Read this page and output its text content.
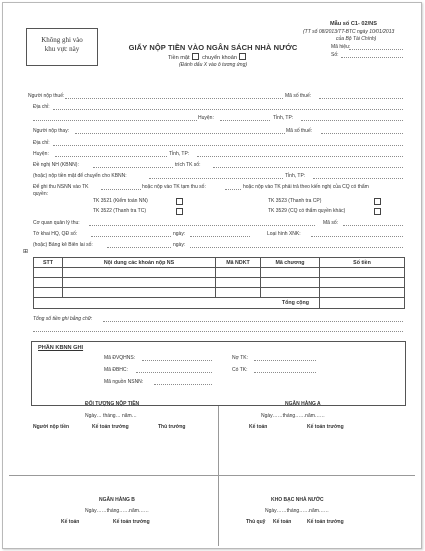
Không ghi vào
khu vực này
Mẫu số C1- 02/NS
(TT số 08/2013/TT-BTC ngày 10/01/2013
của Bộ Tài Chính)
Mã hiệu:
Số:
GIẤY NỘP TIỀN VÀO NGÂN SÁCH NHÀ NƯỚC
Tiền mặt chuyển khoản
(Đánh dấu X vào ô tương ứng)
Người nộp thuế:	Mã số thuế:
Địa chỉ:
Huyện:	Tỉnh, TP:
Người nộp thay:	Mã số thuế:
Địa chỉ:
Huyện:	Tỉnh, TP:
Đề nghị NH (KBNN):	trích TK số:
(hoặc) nộp tiền mặt để chuyển cho KBNN:	Tỉnh, TP:
Để ghi thu NSNN vào TK	hoặc nộp vào TK tạm thu số:	hoặc nộp vào TK phải trả theo kiến nghị của CQ có thẩm
quyền:
TK 3521 (Kiểm toán NN)	TK 3523 (Thanh tra CP)
TK 3522 (Thanh tra TC)	TK 3529 (CQ có thẩm quyền khác)
Cơ quan quản lý thu:	Mã số:
Tờ khai HQ, QĐ số:	ngày:	Loại hình XNK:
(hoặc) Bảng kê Biên lai số:	ngày:
⊞
STT	Nội dung các khoản nộp NS	Mã NDKT	Mã chương	Số tiền

Tổng cộng				
Tổng số tiền ghi bằng chữ:
PHẦN KBNN GHI
Mã ĐVQHNS:	Nợ TK:
Mã ĐBHC:	Có TK:
Mã nguồn NSNN:
ĐỐI TƯỢNG NỘP TIỀN
Ngày… tháng… năm…
Người nộp tiền	Kế toán trưởng	Thủ trưởng
NGÂN HÀNG A
Ngày……tháng……năm……
Kế toán	Kế toán trưởng
NGÂN HÀNG B
Ngày……tháng……năm……
Kế toán	Kế toán trưởng
KHO BẠC NHÀ NƯỚC
Ngày……tháng……năm……
Thủ quỹ Kế toán	Kế toán trưởng
